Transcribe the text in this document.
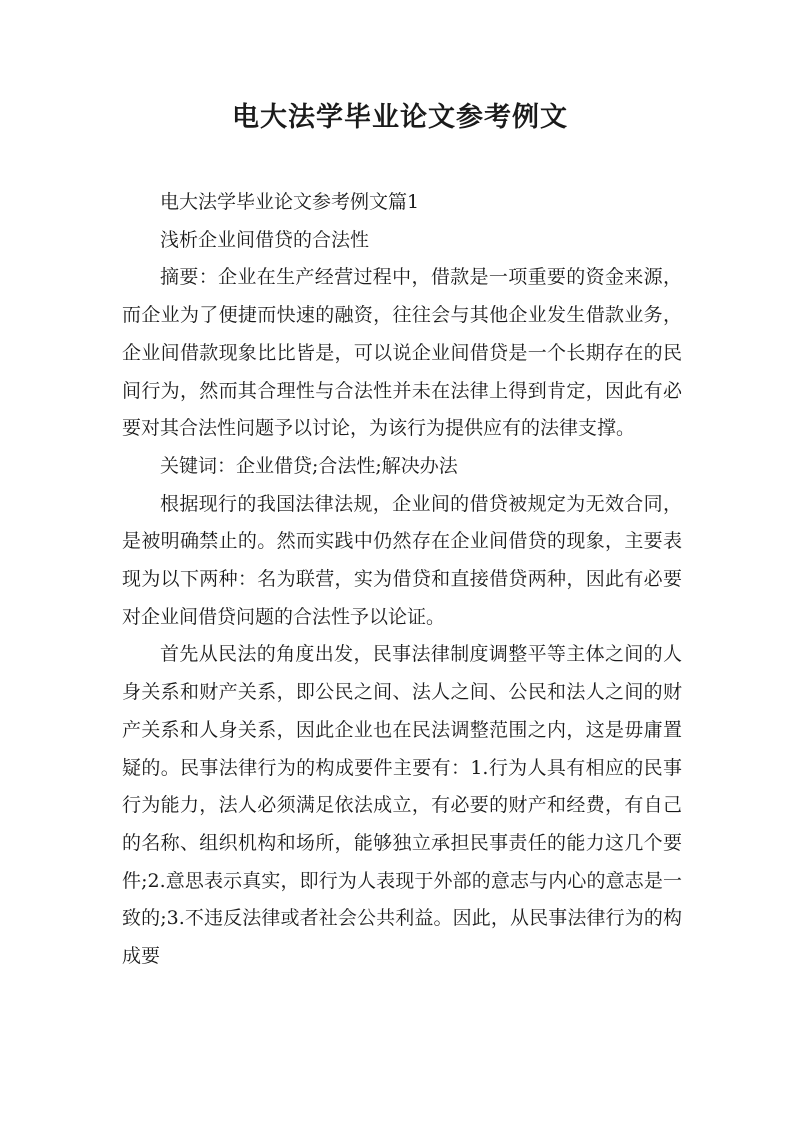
电大法学毕业论文参考例文

电大法学毕业论文参考例文篇1

浅析企业间借贷的合法性

摘要：企业在生产经营过程中，借款是一项重要的资金来源，而企业为了便捷而快速的融资，往往会与其他企业发生借款业务，企业间借款现象比比皆是，可以说企业间借贷是一个长期存在的民间行为，然而其合理性与合法性并未在法律上得到肯定，因此有必要对其合法性问题予以讨论，为该行为提供应有的法律支撑。

关键词：企业借贷;合法性;解决办法

根据现行的我国法律法规，企业间的借贷被规定为无效合同，是被明确禁止的。然而实践中仍然存在企业间借贷的现象，主要表现为以下两种：名为联营，实为借贷和直接借贷两种，因此有必要对企业间借贷问题的合法性予以论证。

首先从民法的角度出发，民事法律制度调整平等主体之间的人身关系和财产关系，即公民之间、法人之间、公民和法人之间的财产关系和人身关系，因此企业也在民法调整范围之内，这是毋庸置疑的。民事法律行为的构成要件主要有：1.行为人具有相应的民事行为能力，法人必须满足依法成立，有必要的财产和经费，有自己的名称、组织机构和场所，能够独立承担民事责任的能力这几个要件;2.意思表示真实，即行为人表现于外部的意志与内心的意志是一致的;3.不违反法律或者社会公共利益。因此，从民事法律行为的构成要
